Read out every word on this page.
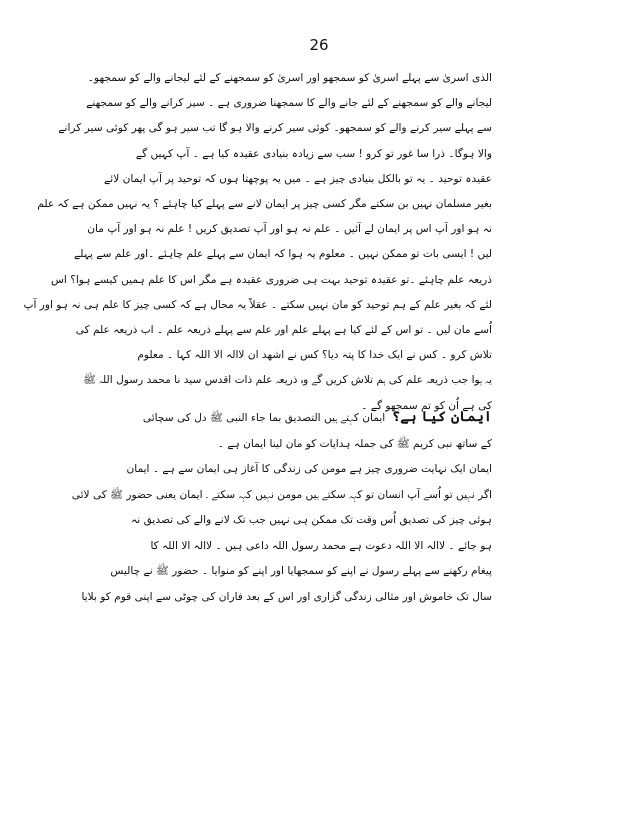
26
الذی اسریٰ سے پہلے اسریٰ کو سمجھو اور اسریٰ کو سمجھنے کے لئے لیجانے والے کو سمجھو۔
لیجانے والے کو سمجھنے کے لئے جانے والے کا سمجھنا ضروری ہے ۔ سیر کرانے والے کو سمجھنے
سے پہلے سیر کرنے والے کو سمجھو۔ کوئی سیر کرنے والا ہو گا تب سیر ہو گی پھر کوئی سیر کرانے
والا ہوگا۔ ذرا سا غور تو کرو ! سب سے زیادہ بنیادی عقیدہ کیا ہے ۔ آپ کہیں گے
عقیدہ توحید ۔ یہ تو بالکل بنیادی چیز ہے ۔ میں یہ پوچھتا ہوں کہ توحید پر آپ ایمان لائے
بغیر مسلمان نہیں بن سکتے مگر کسی چیز پر ایمان لانے سے پہلے کیا چاہئے ؟ یہ نہیں ممکن ہے کہ علم
نہ ہو اور آپ اس پر ایمان لے آئیں ۔ علم نہ ہو اور آپ تصدیق کریں ! علم نہ ہو اور آپ مان
لیں ! ایسی بات تو ممکن نہیں ۔ معلوم یہ ہوا کہ ایمان سے پہلے علم چاہئے ۔اور علم سے پہلے
ذریعہ علم چاہئے ۔تو عقیدہ توحید بہت ہی ضروری عقیدہ ہے مگر اس کا علم ہمیں کیسے ہوا؟ اس
لئے کہ بغیر علم کے ہم توحید کو مان نہیں سکتے ۔ عقلاً یہ محال ہے کہ کسی چیز کا علم ہی نہ ہو اور آپ
اُسے مان لیں ۔ تو اس کے لئے کیا ہے پہلے علم اور علم سے پہلے ذریعہ علم ۔ اب ذریعہ علم کی
تلاش کرو ۔ کس نے ایک خدا کا پتہ دیا؟ کس نے اشھد ان لاالہ الا اللہ کہا ۔ معلوم
یہ ہوا جب ذریعہ علم کی ہم تلاش کریں گے وہ ذریعہ علم ذات اقدس سید نا محمد رسول اللہ ﷺ
کی ہے اُن کو تم سمجھو گے ۔
ایمان کیا ہے؟  ایمان کہتے ہیں التصدیق بما جاء النبی ﷺ دل کی سچائی
کے ساتھ نبی کریم ﷺ کی جملہ ہدایات کو مان لینا ایمان ہے ۔
ایمان ایک نہایت ضروری چیز ہے مومن کی زندگی کا آغاز ہی ایمان سے ہے ۔ ایمان
اگر نہیں تو اُسے آپ انسان تو کہہ سکتے ہیں مومن نہیں کہہ سکتے ۔ ایمان یعنی حضور ﷺ کی لائی
ہوئی چیز کی تصدیق اُس وقت تک ممکن ہی نہیں جب تک لانے والے کی تصدیق نہ
ہو جائے ۔ لاالہ الا اللہ دعوت ہے محمد رسول اللہ داعی ہیں ۔ لاالہ الا اللہ کا
پیغام رکھنے سے پہلے رسول نے اپنے کو سمجھایا اور اپنے کو منوایا ۔ حضور ﷺ نے چالیس
سال تک خاموش اور مثالی زندگی گزاری اور اس کے بعد فاران کی چوٹی سے اپنی قوم کو بلایا
